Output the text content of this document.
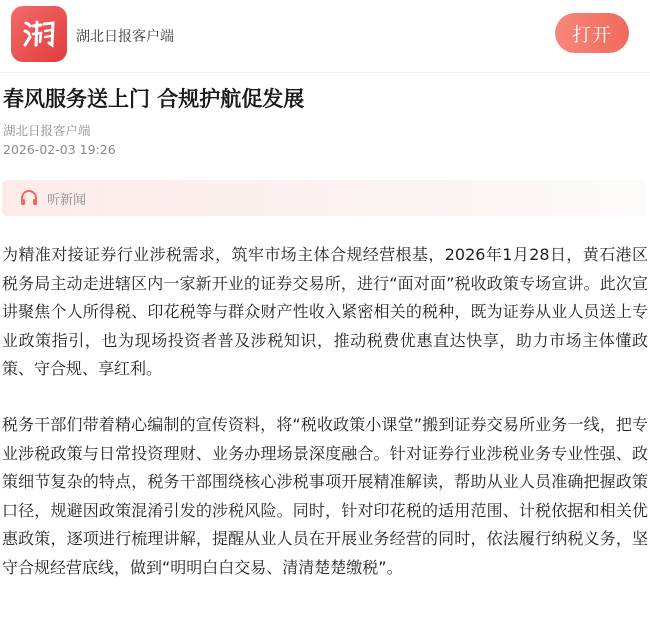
湖北日报客户端	打开
春风服务送上门 合规护航促发展
湖北日报客户端
2026-02-03 19:26
听新闻

为精准对接证券行业涉税需求，筑牢市场主体合规经营根基，2026年1月28日，黄石港区税务局主动走进辖区内一家新开业的证券交易所，进行“面对面”税收政策专场宣讲。此次宣讲聚焦个人所得税、印花税等与群众财产性收入紧密相关的税种，既为证券从业人员送上专业政策指引，也为现场投资者普及涉税知识，推动税费优惠直达快享，助力市场主体懂政策、守合规、享红利。

税务干部们带着精心编制的宣传资料，将“税收政策小课堂”搬到证券交易所业务一线，把专业涉税政策与日常投资理财、业务办理场景深度融合。针对证券行业涉税业务专业性强、政策细节复杂的特点，税务干部围绕核心涉税事项开展精准解读，帮助从业人员准确把握政策口径，规避因政策混淆引发的涉税风险。同时，针对印花税的适用范围、计税依据和相关优惠政策，逐项进行梳理讲解，提醒从业人员在开展业务经营的同时，依法履行纳税义务，坚守合规经营底线，做到“明明白白交易、清清楚楚缴税”。
